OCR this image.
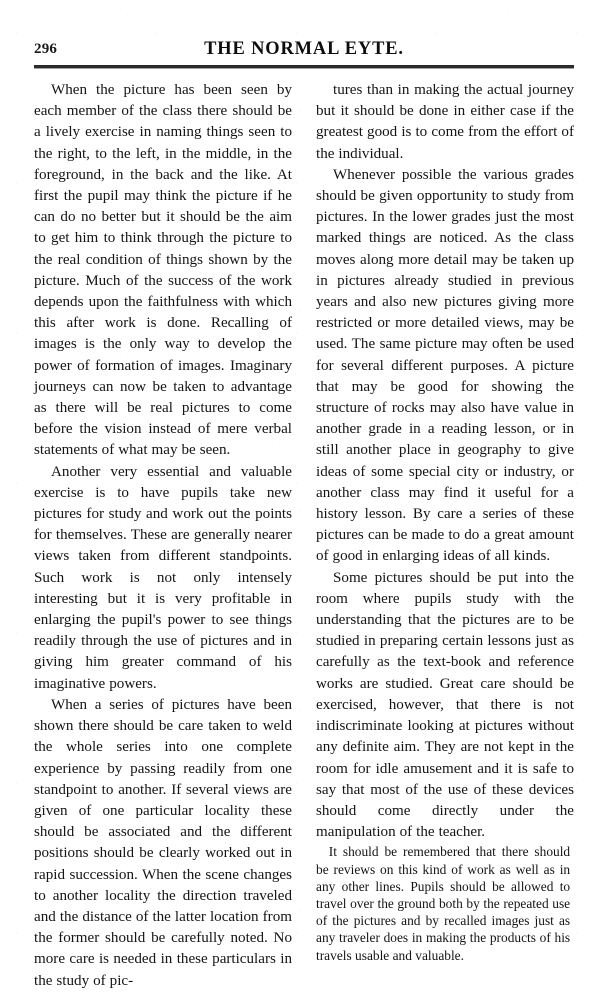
296	THE NORMAL EYTE.

When the picture has been seen by each member of the class there should be a lively exercise in naming things seen to the right, to the left, in the middle, in the foreground, in the back and the like. At first the pupil may think the picture if he can do no better but it should be the aim to get him to think through the picture to the real condition of things shown by the picture. Much of the success of the work depends upon the faithfulness with which this after work is done. Recalling of images is the only way to develop the power of formation of images. Imaginary journeys can now be taken to advantage as there will be real pictures to come before the vision instead of mere verbal statements of what may be seen.

Another very essential and valuable exercise is to have pupils take new pictures for study and work out the points for themselves. These are generally nearer views taken from different standpoints. Such work is not only intensely interesting but it is very profitable in enlarging the pupil's power to see things readily through the use of pictures and in giving him greater command of his imaginative powers.

When a series of pictures have been shown there should be care taken to weld the whole series into one complete experience by passing readily from one standpoint to another. If several views are given of one particular locality these should be associated and the different positions should be clearly worked out in rapid succession. When the scene changes to another locality the direction traveled and the distance of the latter location from the former should be carefully noted. No more care is needed in these particulars in the study of pic-

tures than in making the actual journey but it should be done in either case if the greatest good is to come from the effort of the individual.

Whenever possible the various grades should be given opportunity to study from pictures. In the lower grades just the most marked things are noticed. As the class moves along more detail may be taken up in pictures already studied in previous years and also new pictures giving more restricted or more detailed views, may be used. The same picture may often be used for several different purposes. A picture that may be good for showing the structure of rocks may also have value in another grade in a reading lesson, or in still another place in geography to give ideas of some special city or industry, or another class may find it useful for a history lesson. By care a series of these pictures can be made to do a great amount of good in enlarging ideas of all kinds.

Some pictures should be put into the room where pupils study with the understanding that the pictures are to be studied in preparing certain lessons just as carefully as the text-book and reference works are studied. Great care should be exercised, however, that there is not indiscriminate looking at pictures without any definite aim. They are not kept in the room for idle amusement and it is safe to say that most of the use of these devices should come directly under the manipulation of the teacher.

It should be remembered that there should be reviews on this kind of work as well as in any other lines. Pupils should be allowed to travel over the ground both by the repeated use of the pictures and by recalled images just as any traveler does in making the products of his travels usable and valuable.
